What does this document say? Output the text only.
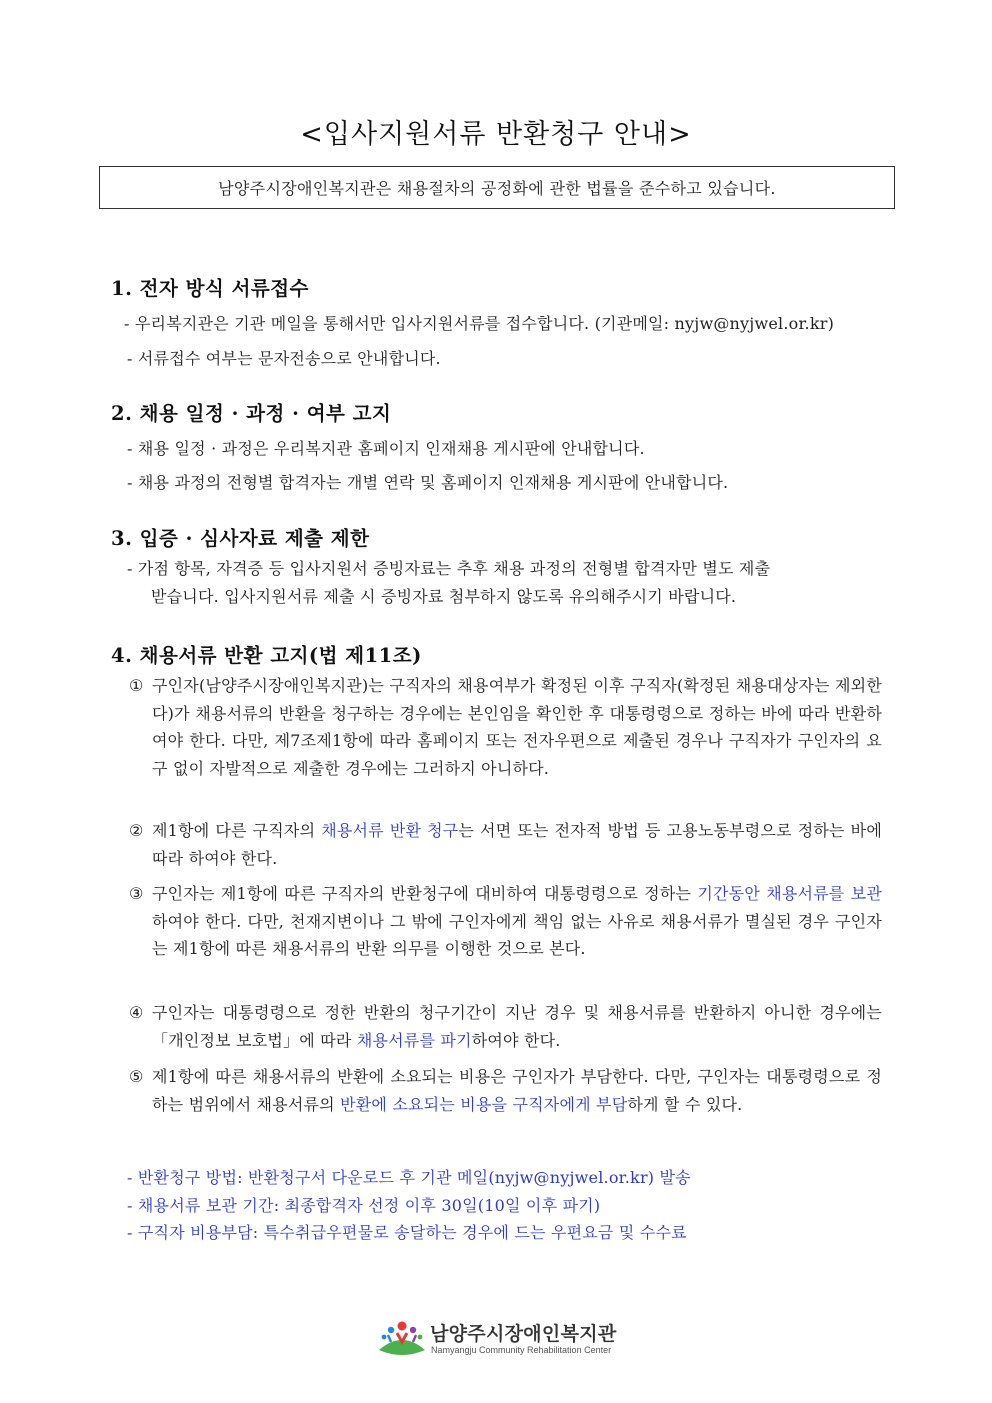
<입사지원서류 반환청구 안내>
남양주시장애인복지관은 채용절차의 공정화에 관한 법률을 준수하고 있습니다.
1. 전자 방식 서류접수
- 우리복지관은 기관 메일을 통해서만 입사지원서류를 접수합니다. (기관메일: nyjw@nyjwel.or.kr)
- 서류접수 여부는 문자전송으로 안내합니다.
2. 채용 일정 · 과정 · 여부 고지
- 채용 일정 · 과정은 우리복지관 홈페이지 인재채용 게시판에 안내합니다.
- 채용 과정의 전형별 합격자는 개별 연락 및 홈페이지 인재채용 게시판에 안내합니다.
3. 입증 · 심사자료 제출 제한
- 가점 항목, 자격증 등 입사지원서 증빙자료는 추후 채용 과정의 전형별 합격자만 별도 제출
받습니다. 입사지원서류 제출 시 증빙자료 첨부하지 않도록 유의해주시기 바랍니다.
4. 채용서류 반환 고지(법 제11조)
① 구인자(남양주시장애인복지관)는 구직자의 채용여부가 확정된 이후 구직자(확정된 채용대상자는 제외한다)가 채용서류의 반환을 청구하는 경우에는 본인임을 확인한 후 대통령령으로 정하는 바에 따라 반환하여야 한다. 다만, 제7조제1항에 따라 홈페이지 또는 전자우편으로 제출된 경우나 구직자가 구인자의 요구 없이 자발적으로 제출한 경우에는 그러하지 아니하다.
② 제1항에 다른 구직자의 채용서류 반환 청구는 서면 또는 전자적 방법 등 고용노동부령으로 정하는 바에 따라 하여야 한다.
③ 구인자는 제1항에 따른 구직자의 반환청구에 대비하여 대통령령으로 정하는 기간동안 채용서류를 보관하여야 한다. 다만, 천재지변이나 그 밖에 구인자에게 책임 없는 사유로 채용서류가 멸실된 경우 구인자는 제1항에 따른 채용서류의 반환 의무를 이행한 것으로 본다.
④ 구인자는 대통령령으로 정한 반환의 청구기간이 지난 경우 및 채용서류를 반환하지 아니한 경우에는 「개인정보 보호법」에 따라 채용서류를 파기하여야 한다.
⑤ 제1항에 따른 채용서류의 반환에 소요되는 비용은 구인자가 부담한다. 다만, 구인자는 대통령령으로 정하는 범위에서 채용서류의 반환에 소요되는 비용을 구직자에게 부담하게 할 수 있다.
- 반환청구 방법: 반환청구서 다운로드 후 기관 메일(nyjw@nyjwel.or.kr) 발송
- 채용서류 보관 기간: 최종합격자 선정 이후 30일(10일 이후 파기)
- 구직자 비용부담: 특수취급우편물로 송달하는 경우에 드는 우편요금 및 수수료
남양주시장애인복지관
Namyangju Community Rehabilitation Center
